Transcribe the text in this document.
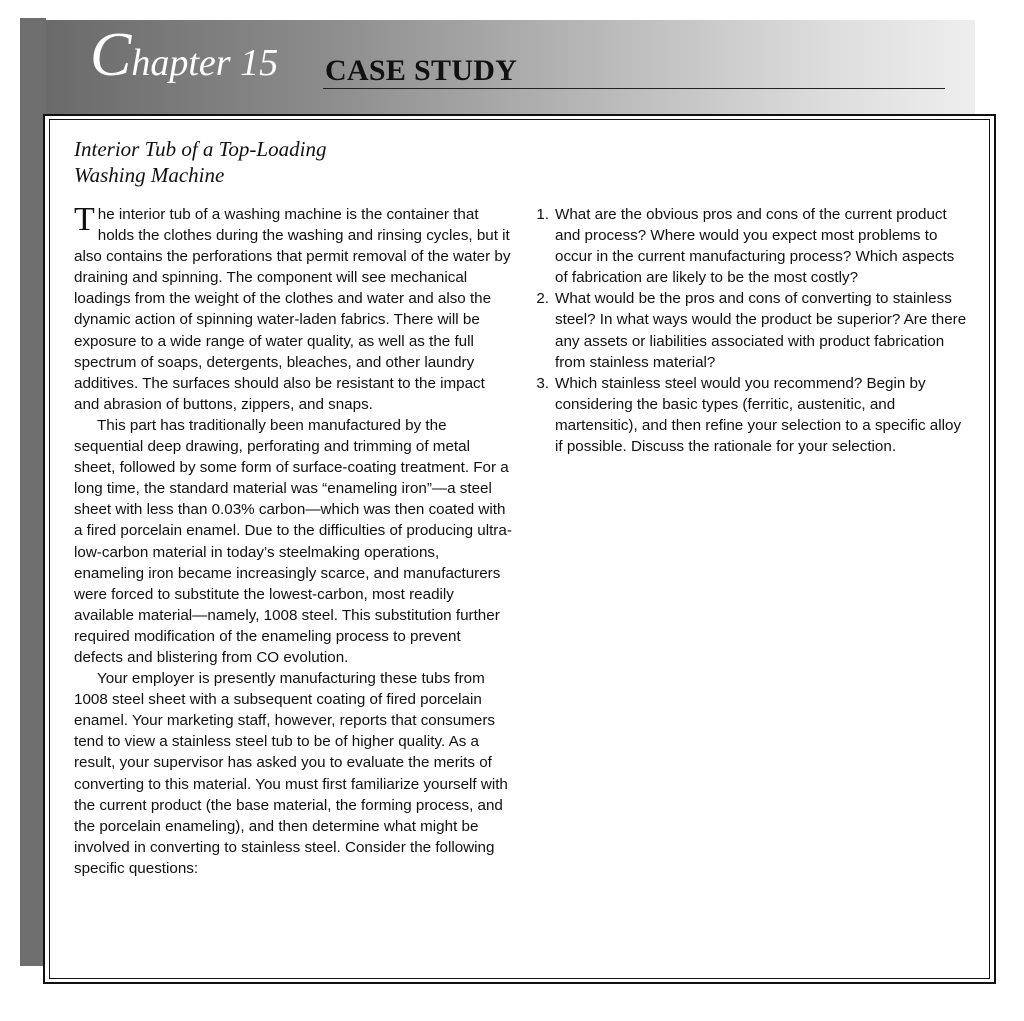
Chapter 15 CASE STUDY
Interior Tub of a Top-Loading
Washing Machine

The interior tub of a washing machine is the container that holds the clothes during the washing and rinsing cycles, but it also contains the perforations that permit removal of the water by draining and spinning. The component will see mechanical loadings from the weight of the clothes and water and also the dynamic action of spinning water-laden fabrics. There will be exposure to a wide range of water quality, as well as the full spectrum of soaps, detergents, bleaches, and other laundry additives. The surfaces should also be resistant to the impact and abrasion of buttons, zippers, and snaps.

This part has traditionally been manufactured by the sequential deep drawing, perforating and trimming of metal sheet, followed by some form of surface-coating treatment. For a long time, the standard material was “enameling iron”—a steel sheet with less than 0.03% carbon—which was then coated with a fired porcelain enamel. Due to the difficulties of producing ultra-low-carbon material in today’s steelmaking operations, enameling iron became increasingly scarce, and manufacturers were forced to substitute the lowest-carbon, most readily available material—namely, 1008 steel. This substitution further required modification of the enameling process to prevent defects and blistering from CO evolution.

Your employer is presently manufacturing these tubs from 1008 steel sheet with a subsequent coating of fired porcelain enamel. Your marketing staff, however, reports that consumers tend to view a stainless steel tub to be of higher quality. As a result, your supervisor has asked you to evaluate the merits of converting to this material. You must first familiarize yourself with the current product (the base material, the forming process, and the porcelain enameling), and then determine what might be involved in converting to stainless steel. Consider the following specific questions:

1. What are the obvious pros and cons of the current product and process? Where would you expect most problems to occur in the current manufacturing process? Which aspects of fabrication are likely to be the most costly?
2. What would be the pros and cons of converting to stainless steel? In what ways would the product be superior? Are there any assets or liabilities associated with product fabrication from stainless material?
3. Which stainless steel would you recommend? Begin by considering the basic types (ferritic, austenitic, and martensitic), and then refine your selection to a specific alloy if possible. Discuss the rationale for your selection.
